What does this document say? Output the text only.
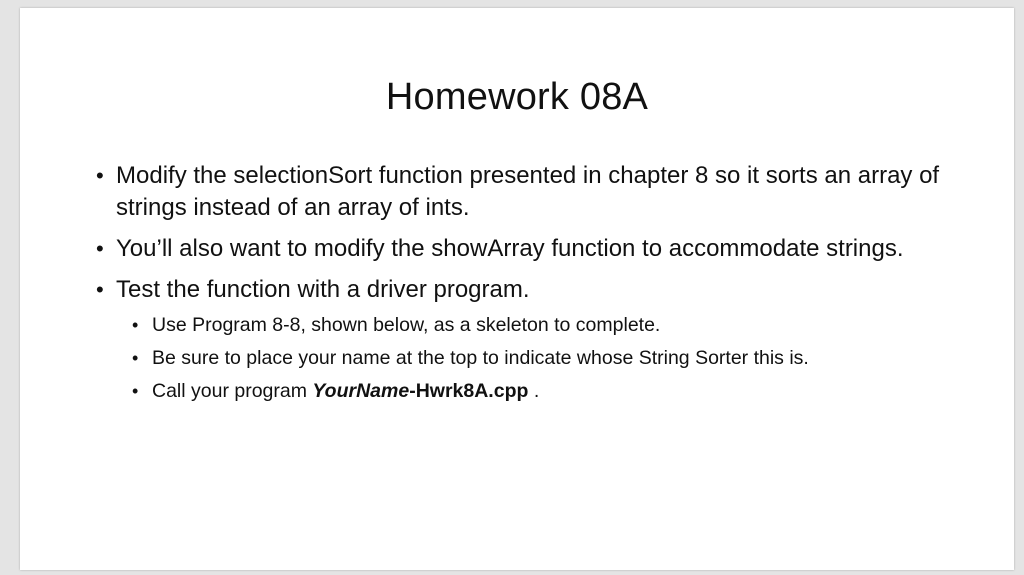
Homework 08A
• Modify the selectionSort function presented in chapter 8 so it sorts an array of strings instead of an array of ints.
• You’ll also want to modify the showArray function to accommodate strings.
• Test the function with a driver program.
• Use Program 8-8, shown below, as a skeleton to complete.
• Be sure to place your name at the top to indicate whose String Sorter this is.
• Call your program YourName-Hwrk8A.cpp .
